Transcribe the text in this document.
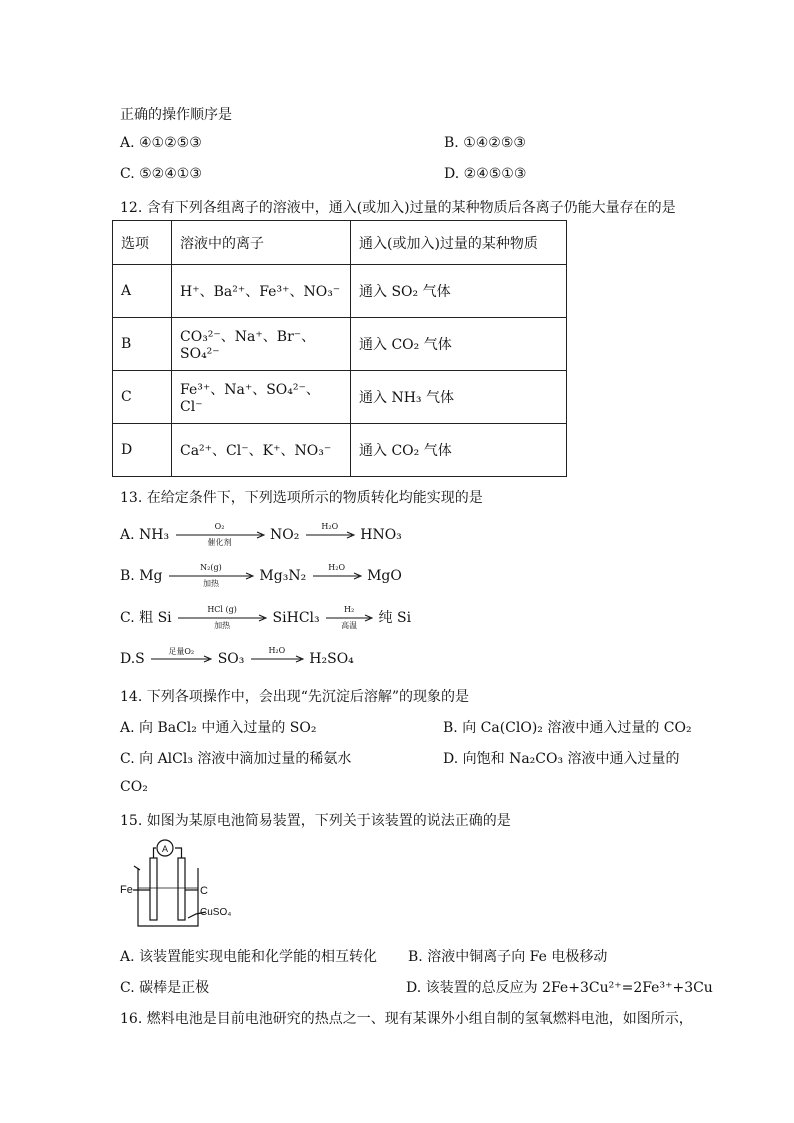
正确的操作顺序是
A. ④①②⑤③	B. ①④②⑤③
C. ⑤②④①③	D. ②④⑤①③
12. 含有下列各组离子的溶液中，通入(或加入)过量的某种物质后各离子仍能大量存在的是
选项	溶液中的离子	通入(或加入)过量的某种物质
A	H⁺、Ba²⁺、Fe³⁺、NO₃⁻	通入 SO₂ 气体
B	CO₃²⁻、Na⁺、Br⁻、SO₄²⁻	通入 CO₂ 气体
C	Fe³⁺、Na⁺、SO₄²⁻、Cl⁻	通入 NH₃ 气体
D	Ca²⁺、Cl⁻、K⁺、NO₃⁻	通入 CO₂ 气体
13. 在给定条件下，下列选项所示的物质转化均能实现的是
A. NH₃
O₂
催化剂	NO₂
H₂O
HNO₃
B. Mg
N₂(g)
加热	Mg₃N₂
H₂O
MgO
C. 粗 Si
HCl (g)
加热	SiHCl₃
H₂
高温	纯 Si
D.S	足量O₂	SO₃
H₂O
H₂SO₄
14. 下列各项操作中，会出现“先沉淀后溶解”的现象的是
A. 向 BaCl₂ 中通入过量的 SO₂	B. 向 Ca(ClO)₂ 溶液中通入过量的 CO₂
C. 向 AlCl₃ 溶液中滴加过量的稀氨水	D. 向饱和 Na₂CO₃ 溶液中通入过量的
CO₂
15. 如图为某原电池简易装置，下列关于该装置的说法正确的是
A
Fe	C
CuSO₄
A. 该装置能实现电能和化学能的相互转化 B. 溶液中铜离子向 Fe 电极移动
C. 碳棒是正极	D. 该装置的总反应为 2Fe+3Cu²⁺=2Fe³⁺+3Cu
16. 燃料电池是目前电池研究的热点之一、现有某课外小组自制的氢氧燃料电池，如图所示，
